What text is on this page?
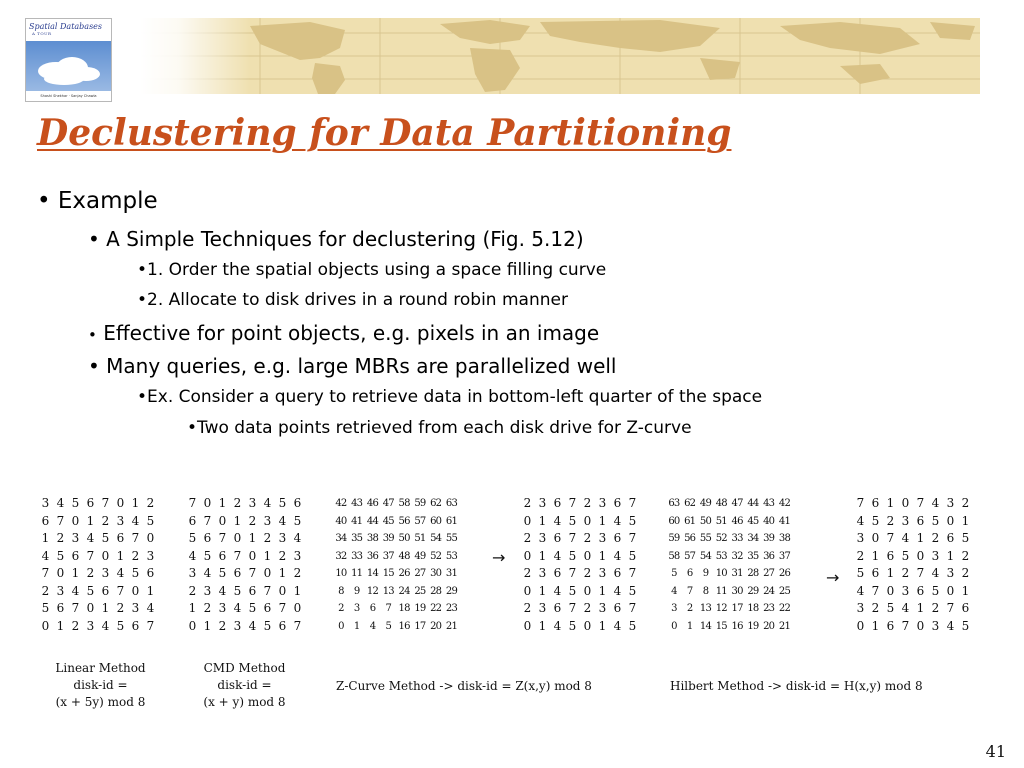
Spatial Databases
A TOUR
Shashi Shekhar · Sanjay Chawla
Declustering for Data Partitioning
• Example
• A Simple Techniques for declustering (Fig. 5.12)
•1. Order the spatial objects using a space filling curve
•2. Allocate to disk drives in a round robin manner
• Effective for point objects, e.g. pixels in an image
• Many queries, e.g. large MBRs are parallelized well
•Ex. Consider a query to retrieve data in bottom-left quarter of the space
•Two data points retrieved from each disk drive for Z-curve
3 4 5 6 7 0 1 2
6 7 0 1 2 3 4 5
1 2 3 4 5 6 7 0
4 5 6 7 0 1 2 3
7 0 1 2 3 4 5 6
2 3 4 5 6 7 0 1
5 6 7 0 1 2 3 4
0 1 2 3 4 5 6 7
7 0 1 2 3 4 5 6
6 7 0 1 2 3 4 5
5 6 7 0 1 2 3 4
4 5 6 7 0 1 2 3
3 4 5 6 7 0 1 2
2 3 4 5 6 7 0 1
1 2 3 4 5 6 7 0
0 1 2 3 4 5 6 7
42 43 46 47 58 59 62 63
40 41 44 45 56 57 60 61
34 35 38 39 50 51 54 55
32 33 36 37 48 49 52 53
10 11 14 15 26 27 30 31
8	9 12 13 24 25 28 29
2	3	6	7 18 19 22 23
0	1	4	5 16 17 20 21
→
2 3 6 7 2 3 6 7
0 1 4 5 0 1 4 5
2 3 6 7 2 3 6 7
0 1 4 5 0 1 4 5
2 3 6 7 2 3 6 7
0 1 4 5 0 1 4 5
2 3 6 7 2 3 6 7
0 1 4 5 0 1 4 5
63 62 49 48 47 44 43 42
60 61 50 51 46 45 40 41
59 56 55 52 33 34 39 38
58 57 54 53 32 35 36 37
5	6	9 10 31 28 27 26
4	7	8 11 30 29 24 25
3	2 13 12 17 18 23 22
0	1 14 15 16 19 20 21
→
7 6 1 0 7 4 3 2
4 5 2 3 6 5 0 1
3 0 7 4 1 2 6 5
2 1 6 5 0 3 1 2
5 6 1 2 7 4 3 2
4 7 0 3 6 5 0 1
3 2 5 4 1 2 7 6
0 1 6 7 0 3 4 5
Linear Method
disk-id =
(x + 5y) mod 8
CMD Method
disk-id =
(x + y) mod 8
Z-Curve Method -> disk-id = Z(x,y) mod 8	Hilbert Method -> disk-id = H(x,y) mod 8
41
